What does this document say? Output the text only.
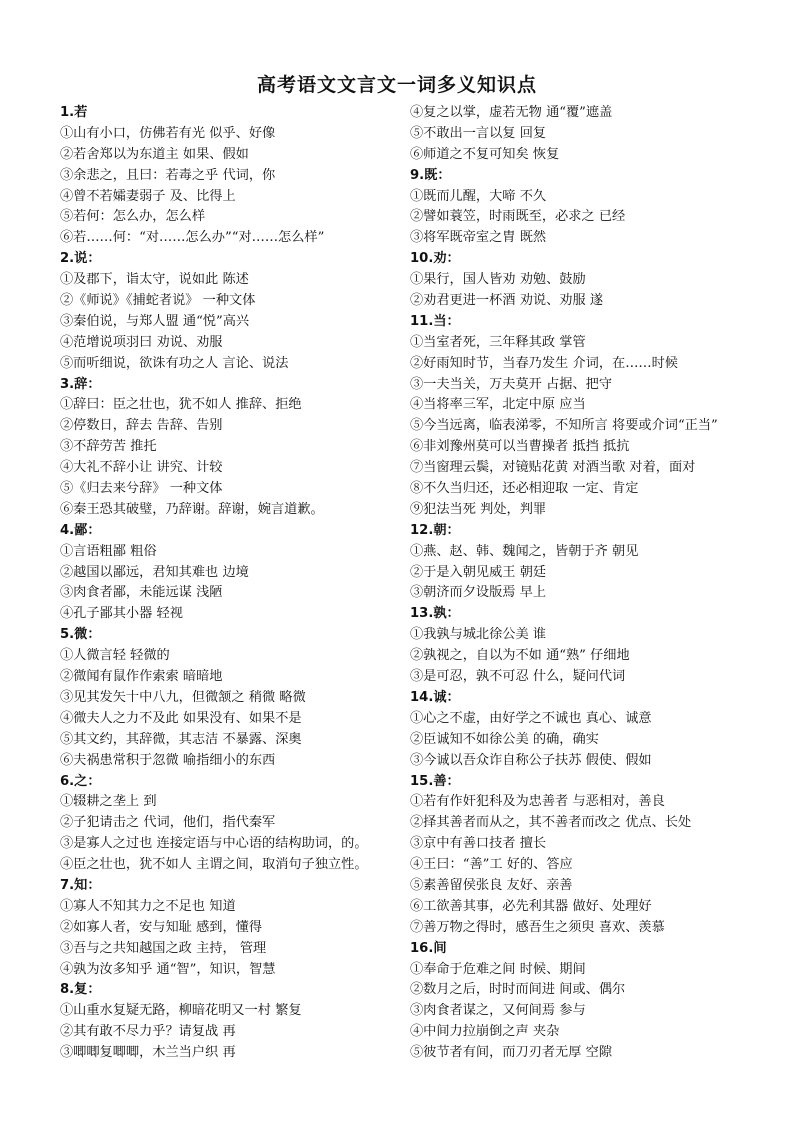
高考语文文言文一词多义知识点
1.若
①山有小口，仿佛若有光 似乎、好像
②若舍郑以为东道主 如果、假如
③余悲之，且曰：若毒之乎 代词，你
④曾不若孀妻弱子 及、比得上
⑤若何：怎么办，怎么样
⑥若……何：“对……怎么办”“对……怎么样”
2.说：
①及郡下，诣太守，说如此 陈述
②《师说》《捕蛇者说》 一种文体
③秦伯说，与郑人盟 通“悦”高兴
④范增说项羽曰 劝说、劝服
⑤而听细说，欲诛有功之人 言论、说法
3.辞：
①辞曰：臣之壮也，犹不如人 推辞、拒绝
②停数日，辞去 告辞、告别
③不辞劳苦 推托
④大礼不辞小让 讲究、计较
⑤《归去来兮辞》 一种文体
⑥秦王恐其破璧，乃辞谢。辞谢，婉言道歉。
4.鄙：
①言语粗鄙 粗俗
②越国以鄙远，君知其难也 边境
③肉食者鄙，未能远谋 浅陋
④孔子鄙其小器 轻视
5.微：
①人微言轻 轻微的
②微闻有鼠作作索索 暗暗地
③见其发矢十中八九，但微颔之 稍微 略微
④微夫人之力不及此 如果没有、如果不是
⑤其文约，其辞微，其志洁 不暴露、深奥
⑥夫祸患常积于忽微 喻指细小的东西
6.之：
①辍耕之垄上 到
②子犯请击之 代词，他们，指代秦军
③是寡人之过也 连接定语与中心语的结构助词，的。
④臣之壮也，犹不如人 主谓之间，取消句子独立性。
7.知：
①寡人不知其力之不足也 知道
②如寡人者，安与知耻 感到，懂得
③吾与之共知越国之政 主持， 管理
④孰为汝多知乎 通“智”，知识，智慧
8.复：
①山重水复疑无路，柳暗花明又一村 繁复
②其有敢不尽力乎？请复战 再
③唧唧复唧唧，木兰当户织 再
④复之以掌，虚若无物 通“覆”遮盖
⑤不敢出一言以复 回复
⑥师道之不复可知矣 恢复
9.既：
①既而儿醒，大啼 不久
②譬如蓑笠，时雨既至，必求之 已经
③将军既帝室之胄 既然
10.劝：
①果行，国人皆劝 劝勉、鼓励
②劝君更进一杯酒 劝说、劝服 遂
11.当：
①当室者死，三年释其政 掌管
②好雨知时节，当春乃发生 介词，在……时候
③一夫当关，万夫莫开 占据、把守
④当将率三军，北定中原 应当
⑤今当远离，临表涕零，不知所言 将要或介词“正当”
⑥非刘豫州莫可以当曹操者 抵挡 抵抗
⑦当窗理云鬓，对镜贴花黄 对酒当歌 对着，面对
⑧不久当归还，还必相迎取 一定、肯定
⑨犯法当死 判处，判罪
12.朝：
①燕、赵、韩、魏闻之，皆朝于齐 朝见
②于是入朝见威王 朝廷
③朝济而夕设版焉 早上
13.孰：
①我孰与城北徐公美 谁
②孰视之，自以为不如 通“熟” 仔细地
③是可忍，孰不可忍 什么，疑问代词
14.诚：
①心之不虚，由好学之不诚也 真心、诚意
②臣诚知不如徐公美 的确，确实
③今诚以吾众诈自称公子扶苏 假使、假如
15.善：
①若有作奸犯科及为忠善者 与恶相对，善良
②择其善者而从之，其不善者而改之 优点、长处
③京中有善口技者 擅长
④王曰：“善”工 好的、答应
⑤素善留侯张良 友好、亲善
⑥工欲善其事，必先利其器 做好、处理好
⑦善万物之得时，感吾生之须臾 喜欢、羡慕
16.间
①奉命于危难之间 时候、期间
②数月之后，时时而间进 间或、偶尔
③肉食者谋之，又何间焉 参与
④中间力拉崩倒之声 夹杂
⑤彼节者有间，而刀刃者无厚 空隙
